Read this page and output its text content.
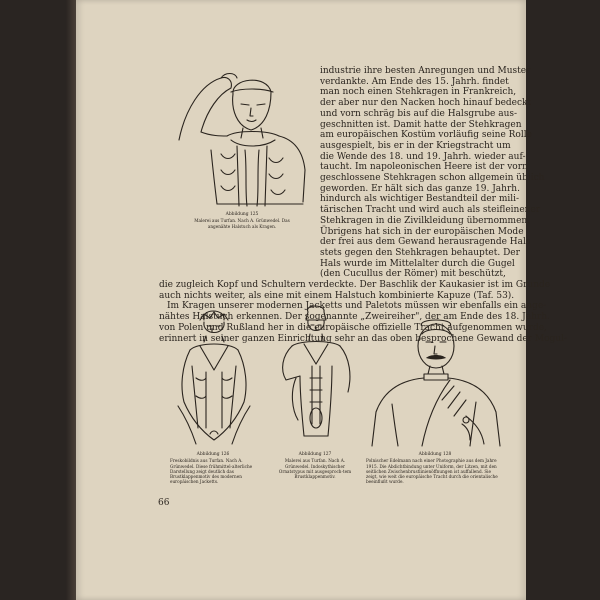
Abbildung 125
Malerei aus Turfan. Nach A. Grünwedel. Das angenähte Halstuch als Kragen.
industrie ihre besten Anregungen und Muster
verdankte. Am Ende des 15. Jahrh. findet
man noch einen Stehkragen in Frankreich,
der aber nur den Nacken hoch hinauf bedeckt
und vorn schräg bis auf die Halsgrube aus-
geschnitten ist. Damit hatte der Stehkragen
am europäischen Kostüm vorläufig seine Rolle
ausgespielt, bis er in der Kriegstracht um
die Wende des 18. und 19. Jahrh. wieder auf-
taucht. Im napoleonischen Heere ist der vorn
geschlossene Stehkragen schon allgemein üblich
geworden. Er hält sich das ganze 19. Jahrh.
hindurch als wichtiger Bestandteil der mili-
tärischen Tracht und wird auch als steifleinener
Stehkragen in die Zivilkleidung übernommen.
Übrigens hat sich in der europäischen Mode
der frei aus dem Gewand herausragende Hals
stets gegen den Stehkragen behauptet. Der
Hals wurde im Mittelalter durch die Gugel
(den Cucullus der Römer) mit beschützt,
die zugleich Kopf und Schultern verdeckte. Der Baschlik der Kaukasier ist im Grunde
auch nichts weiter, als eine mit einem Halstuch kombinierte Kapuze (Taf. 53).
Im Kragen unserer modernen Jacketts und Paletots müssen wir ebenfalls ein ange-
nähtes Halstuch erkennen. Der sogenannte „Zweireiher", der am Ende des 18. Jahrh.
von Polen und Rußland her in die europäische offizielle Tracht aufgenommen wurde,
erinnert in seiner ganzen Einrichtung sehr an das oben besprochene Gewand der Mogul-
Abbildung 126
Freskobildnis aus Turfan. Nach A. Grünwedel. Diese frühmittel-alterliche Darstellung zeigt deutlich das Brustklappenmotiv des modernen europäischen Jacketts.
Abbildung 127
Malerei aus Turfan. Nach A. Grünwedel. Indoskythischer Ornatstypus mit ausgesproch-tem Brustklappenmotiv.
Abbildung 128
Polnischer Edelmann nach einer Photographie aus dem Jahre 1915. Die Abdichtbindung unter Uniform, der Litzen, mit den seitlichen Zwischenbrustlinienöffnungen ist auffallend. Sie zeigt, wie weit die europäische Tracht durch die orientalische beeinflußt wurde.
66
